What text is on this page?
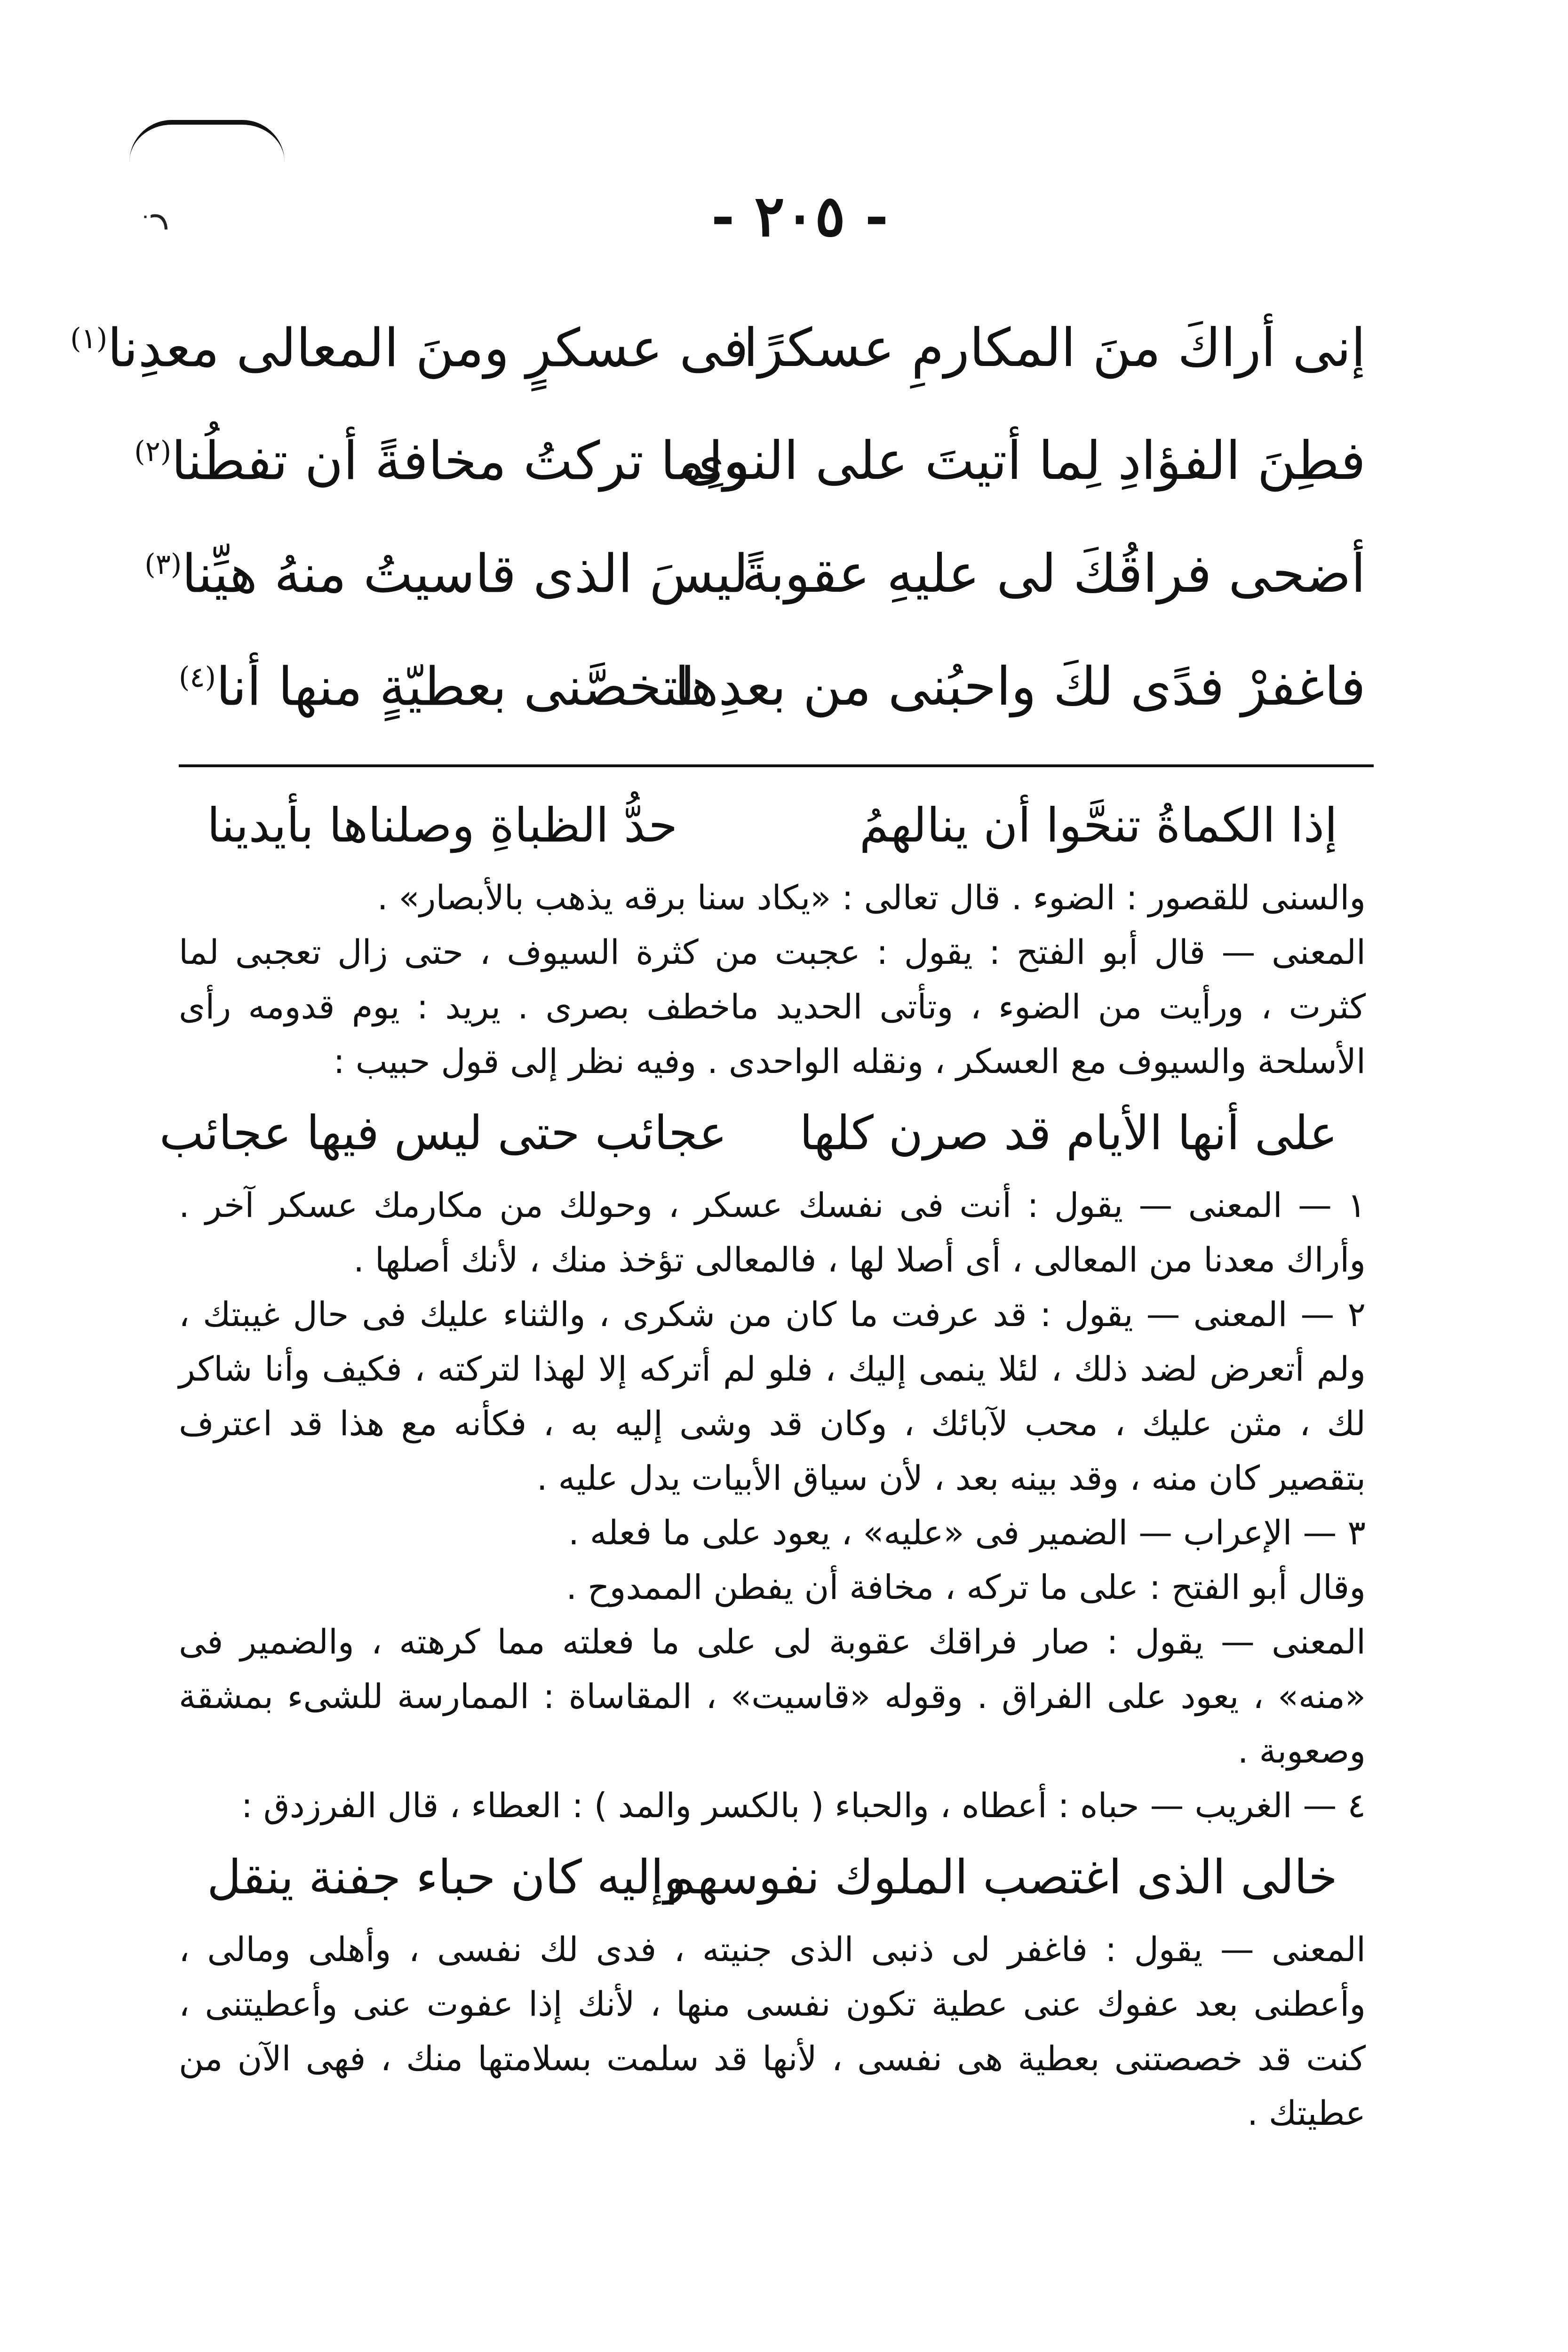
ز	- ٢٠٥ -
إنى أراكَ منَ المكارمِ عسكرًا
فى عسكرٍ ومنَ المعالى معدِنا$^{(١)}$
فطِنَ الفؤادِ لِما أتيتَ على النوى
ولِما تركتُ مخافةً أن تفطُنا$^{(٢)}$
أضحى فراقُكَ لى عليهِ عقوبةً
ليسَ الذى قاسيتُ منهُ هيِّنا$^{(٣)}$
فاغفرْ فدًى لكَ واحبُنى من بعدِها
لتخصَّنى بعطيّةٍ منها أنا$^{(٤)}$
إذا الكماةُ تنحَّوا أن ينالهمُ
حدُّ الظباةِ وصلناها بأيدينا

والسنى للقصور : الضوء . قال تعالى : «يكاد سنا برقه يذهب بالأبصار» .

المعنى — قال أبو الفتح : يقول : عجبت من كثرة السيوف ، حتى زال تعجبى لما كثرت ، ورأيت من الضوء ، وتأتى الحديد ماخطف بصرى . يريد : يوم قدومه رأى الأسلحة والسيوف مع العسكر ، ونقله الواحدى . وفيه نظر إلى قول حبيب :

على أنها الأيام قد صرن كلها
عجائب حتى ليس فيها عجائب

١ — المعنى — يقول : أنت فى نفسك عسكر ، وحولك من مكارمك عسكر آخر . وأراك معدنا من المعالى ، أى أصلا لها ، فالمعالى تؤخذ منك ، لأنك أصلها .

٢ — المعنى — يقول : قد عرفت ما كان من شكرى ، والثناء عليك فى حال غيبتك ، ولم أتعرض لضد ذلك ، لئلا ينمى إليك ، فلو لم أتركه إلا لهذا لتركته ، فكيف وأنا شاكر لك ، مثن عليك ، محب لآبائك ، وكان قد وشى إليه به ، فكأنه مع هذا قد اعترف بتقصير كان منه ، وقد بينه بعد ، لأن سياق الأبيات يدل عليه .

٣ — الإعراب — الضمير فى «عليه» ، يعود على ما فعله .

وقال أبو الفتح : على ما تركه ، مخافة أن يفطن الممدوح .

المعنى — يقول : صار فراقك عقوبة لى على ما فعلته مما كرهته ، والضمير فى «منه» ، يعود على الفراق . وقوله «قاسيت» ، المقاساة : الممارسة للشىء بمشقة وصعوبة .

٤ — الغريب — حباه : أعطاه ، والحباء ( بالكسر والمد ) : العطاء ، قال الفرزدق :

خالى الذى اغتصب الملوك نفوسهم
وإليه كان حباء جفنة ينقل

المعنى — يقول : فاغفر لى ذنبى الذى جنيته ، فدى لك نفسى ، وأهلى ومالى ، وأعطنى بعد عفوك عنى عطية تكون نفسى منها ، لأنك إذا عفوت عنى وأعطيتنى ، كنت قد خصصتنى بعطية هى نفسى ، لأنها قد سلمت بسلامتها منك ، فهى الآن من عطيتك .
